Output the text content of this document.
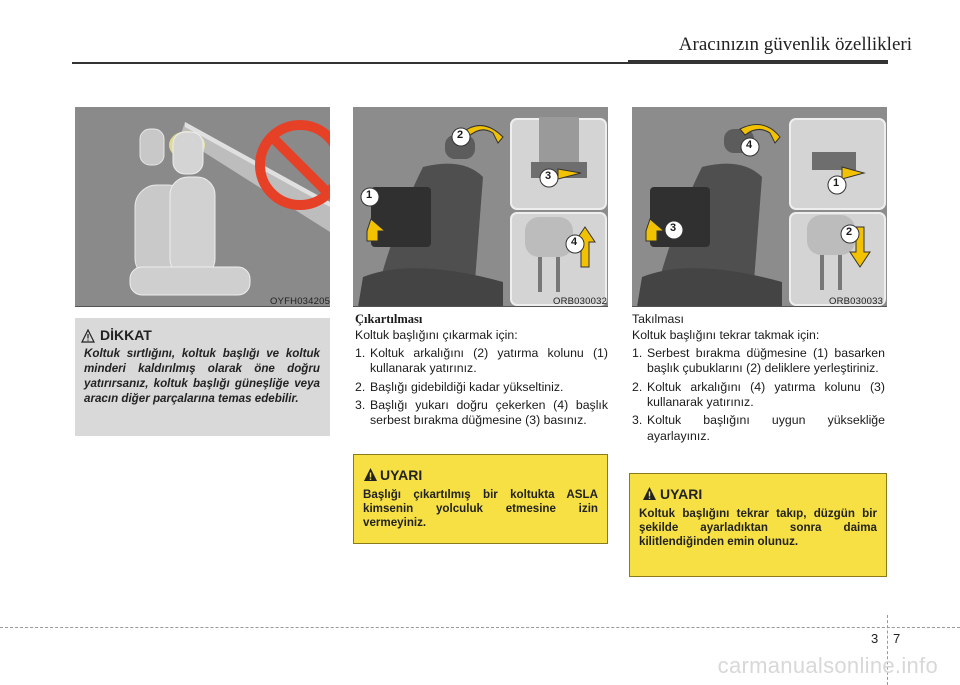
Aracınızın güvenlik özellikleri
OYFH034205
DİKKAT
Koltuk sırtlığını, koltuk başlığı ve koltuk minderi kaldırılmış olarak öne doğru yatırırsanız, koltuk başlığı güneşliğe veya aracın diğer parçalarına temas edebilir.
1
2
3
4
ORB030032
1
2
3
4
ORB030033
Çıkartılması
Koltuk başlığını çıkarmak için:
1. Koltuk arkalığını (2) yatırma kolunu (1) kullanarak yatırınız.
2. Başlığı gidebildiği kadar yükseltiniz.
3. Başlığı yukarı doğru çekerken (4) başlık serbest bırakma düğmesine (3) basınız.
UYARI
Başlığı çıkartılmış bir koltukta ASLA kimsenin yolculuk etmesine izin vermeyiniz.
Takılması
Koltuk başlığını tekrar takmak için:
1. Serbest bırakma düğmesine (1) basarken başlık çubuklarını (2) deliklere yerleştiriniz.
2. Koltuk arkalığını (4) yatırma kolunu (3) kullanarak yatırınız.
3. Koltuk başlığını uygun yüksekliğe ayarlayınız.
UYARI
Koltuk başlığını tekrar takıp, düzgün bir şekilde ayarladıktan sonra daima kilitlendiğinden emin olunuz.
3 7
carmanualsonline.info
